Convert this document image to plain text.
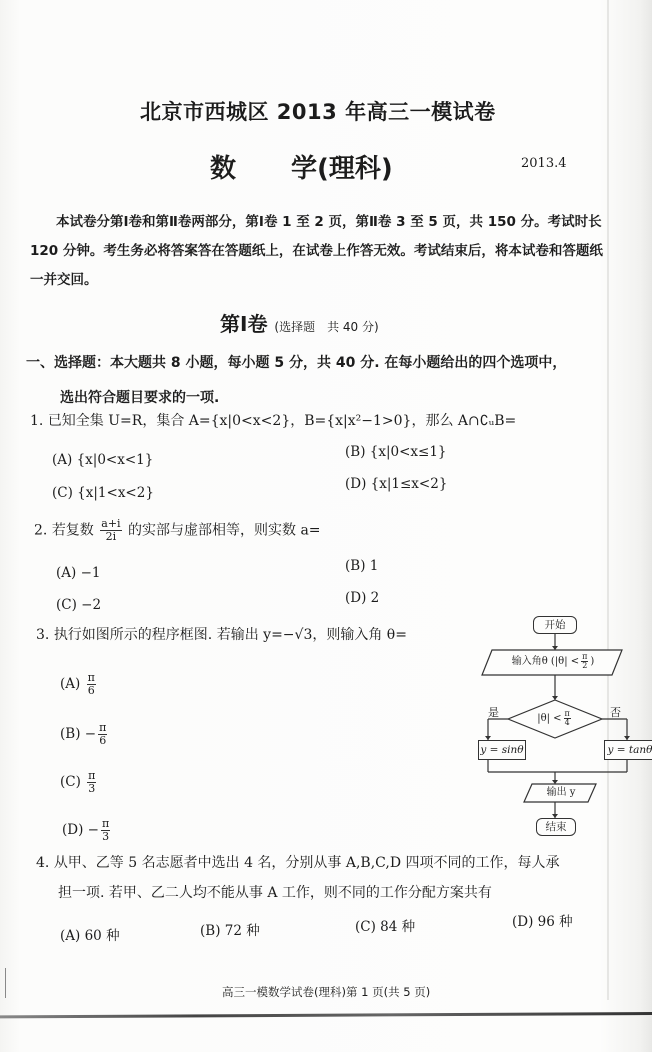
北京市西城区 2013 年高三一模试卷
数 学(理科)	2013.4
本试卷分第Ⅰ卷和第Ⅱ卷两部分，第Ⅰ卷 1 至 2 页，第Ⅱ卷 3 至 5 页，共 150 分。考试时长 120 分钟。考生务必将答案答在答题纸上，在试卷上作答无效。考试结束后，将本试卷和答题纸一并交回。
第Ⅰ卷 (选择题　共 40 分)
一、选择题：本大题共 8 小题，每小题 5 分，共 40 分. 在每小题给出的四个选项中，
选出符合题目要求的一项.
1. 已知全集 U=R，集合 A={x|0<x<2}，B={x|x²−1>0}，那么 A∩∁ᵤB=
(A) {x|0<x<1}	(B) {x|0<x≤1}
(C) {x|1<x<2}
(D) {x|1≤x<2}
2. 若复数 $\frac{a+i}{2i}$ 的实部与虚部相等，则实数 a=
(A) −1	(B) 1
(C) −2	(D) 2
3. 执行如图所示的程序框图. 若输出 y=−√3，则输入角 θ=
$(A) \frac{\pi}{6}$
$(B) - \frac{\pi}{6}$
$(C) \frac{\pi}{3}$
$(D) - \frac{\pi}{3}$
开始
输入角θ ($|\theta| < \frac{\pi}{2}$ )
$|\theta| < \frac{\pi}{4}$
是	否
y = sinθ	y = tanθ
输出 y
结束
4. 从甲、乙等 5 名志愿者中选出 4 名，分别从事 A,B,C,D 四项不同的工作，每人承
担一项. 若甲、乙二人均不能从事 A 工作，则不同的工作分配方案共有
(A) 60 种	(B) 72 种	(C) 84 种	(D) 96 种
高三一模数学试卷(理科)第 1 页(共 5 页)
